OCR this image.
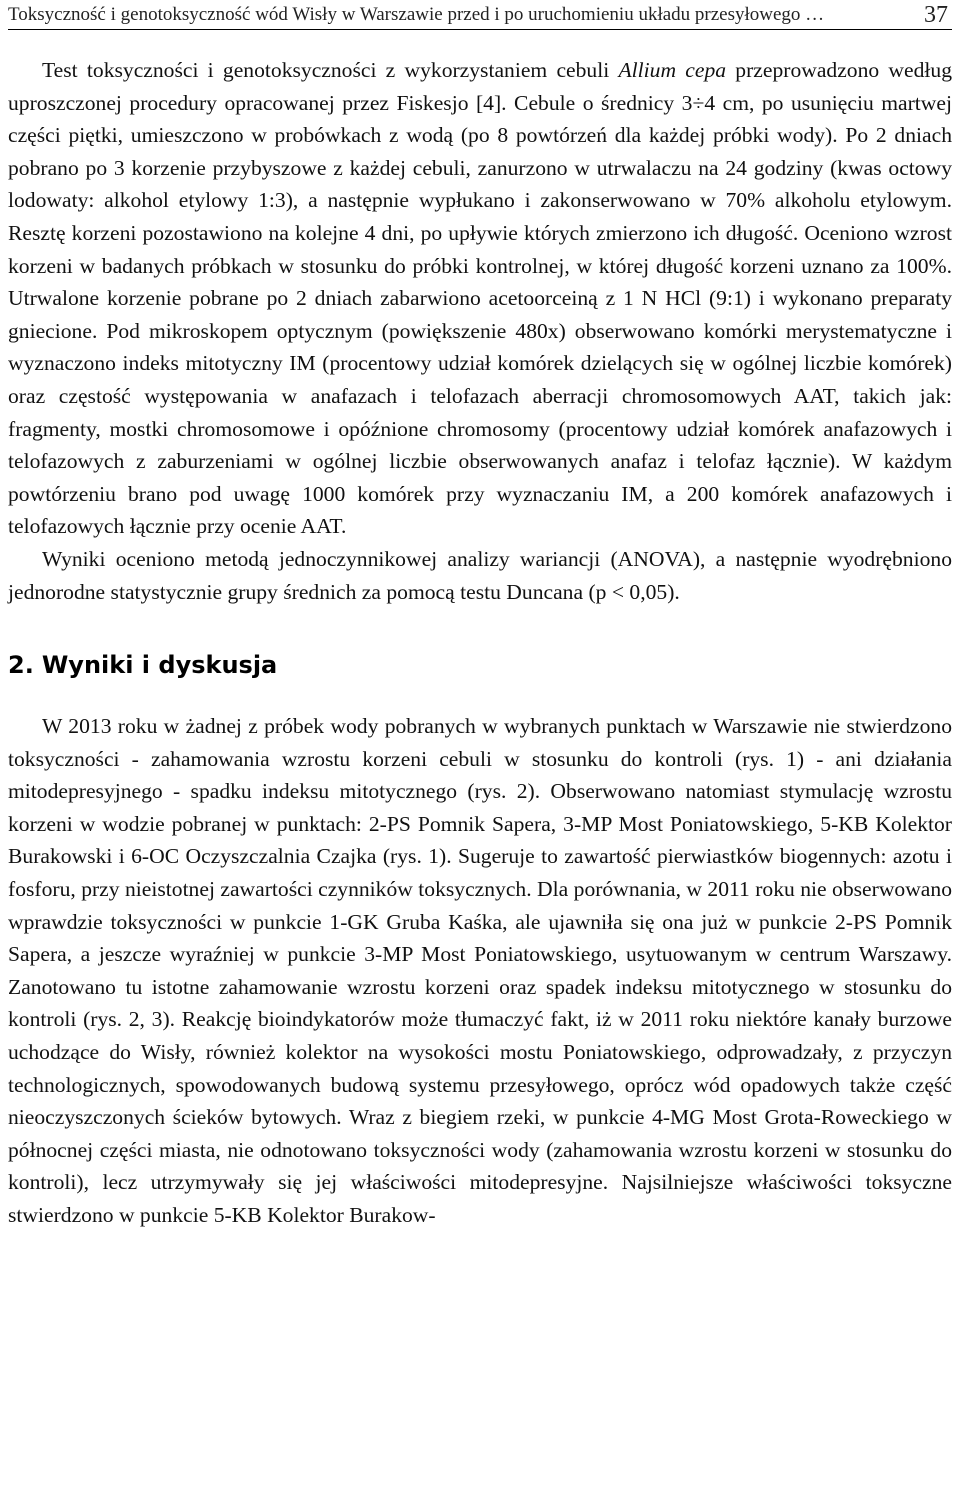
Toksyczność i genotoksyczność wód Wisły w Warszawie przed i po uruchomieniu układu przesyłowego …	37

Test toksyczności i genotoksyczności z wykorzystaniem cebuli Allium cepa przeprowadzono według uproszczonej procedury opracowanej przez Fiskesjo [4]. Cebule o średnicy 3÷4 cm, po usunięciu martwej części piętki, umieszczono w probówkach z wodą (po 8 powtórzeń dla każdej próbki wody). Po 2 dniach pobrano po 3 korzenie przybyszowe z każdej cebuli, zanurzono w utrwalaczu na 24 godziny (kwas octowy lodowaty: alkohol etylowy 1:3), a następnie wypłukano i zakonserwowano w 70% alkoholu etylowym. Resztę korzeni pozostawiono na kolejne 4 dni, po upływie których zmierzono ich długość. Oceniono wzrost korzeni w badanych próbkach w stosunku do próbki kontrolnej, w której długość korzeni uznano za 100%. Utrwalone korzenie pobrane po 2 dniach zabarwiono acetoorceiną z 1 N HCl (9:1) i wykonano preparaty gniecione. Pod mikroskopem optycznym (powiększenie 480x) obserwowano komórki merystematyczne i wyznaczono indeks mitotyczny IM (procentowy udział komórek dzielących się w ogólnej liczbie komórek) oraz częstość występowania w anafazach i telofazach aberracji chromosomowych AAT, takich jak: fragmenty, mostki chromosomowe i opóźnione chromosomy (procentowy udział komórek anafazowych i telofazowych z zaburzeniami w ogólnej liczbie obserwowanych anafaz i telofaz łącznie). W każdym powtórzeniu brano pod uwagę 1000 komórek przy wyznaczaniu IM, a 200 komórek anafazowych i telofazowych łącznie przy ocenie AAT.

Wyniki oceniono metodą jednoczynnikowej analizy wariancji (ANOVA), a następnie wyodrębniono jednorodne statystycznie grupy średnich za pomocą testu Duncana (p < 0,05).

2. Wyniki i dyskusja

W 2013 roku w żadnej z próbek wody pobranych w wybranych punktach w Warszawie nie stwierdzono toksyczności - zahamowania wzrostu korzeni cebuli w stosunku do kontroli (rys. 1) - ani działania mitodepresyjnego - spadku indeksu mitotycznego (rys. 2). Obserwowano natomiast stymulację wzrostu korzeni w wodzie pobranej w punktach: 2-PS Pomnik Sapera, 3-MP Most Poniatowskiego, 5-KB Kolektor Burakowski i 6-OC Oczyszczalnia Czajka (rys. 1). Sugeruje to zawartość pierwiastków biogennych: azotu i fosforu, przy nieistotnej zawartości czynników toksycznych. Dla porównania, w 2011 roku nie obserwowano wprawdzie toksyczności w punkcie 1-GK Gruba Kaśka, ale ujawniła się ona już w punkcie 2-PS Pomnik Sapera, a jeszcze wyraźniej w punkcie 3-MP Most Poniatowskiego, usytuowanym w centrum Warszawy. Zanotowano tu istotne zahamowanie wzrostu korzeni oraz spadek indeksu mitotycznego w stosunku do kontroli (rys. 2, 3). Reakcję bioindykatorów może tłumaczyć fakt, iż w 2011 roku niektóre kanały burzowe uchodzące do Wisły, również kolektor na wysokości mostu Poniatowskiego, odprowadzały, z przyczyn technologicznych, spowodowanych budową systemu przesyłowego, oprócz wód opadowych także część nieoczyszczonych ścieków bytowych. Wraz z biegiem rzeki, w punkcie 4-MG Most Grota-Roweckiego w północnej części miasta, nie odnotowano toksyczności wody (zahamowania wzrostu korzeni w stosunku do kontroli), lecz utrzymywały się jej właściwości mitodepresyjne. Najsilniejsze właściwości toksyczne stwierdzono w punkcie 5-KB Kolektor Burakow-
